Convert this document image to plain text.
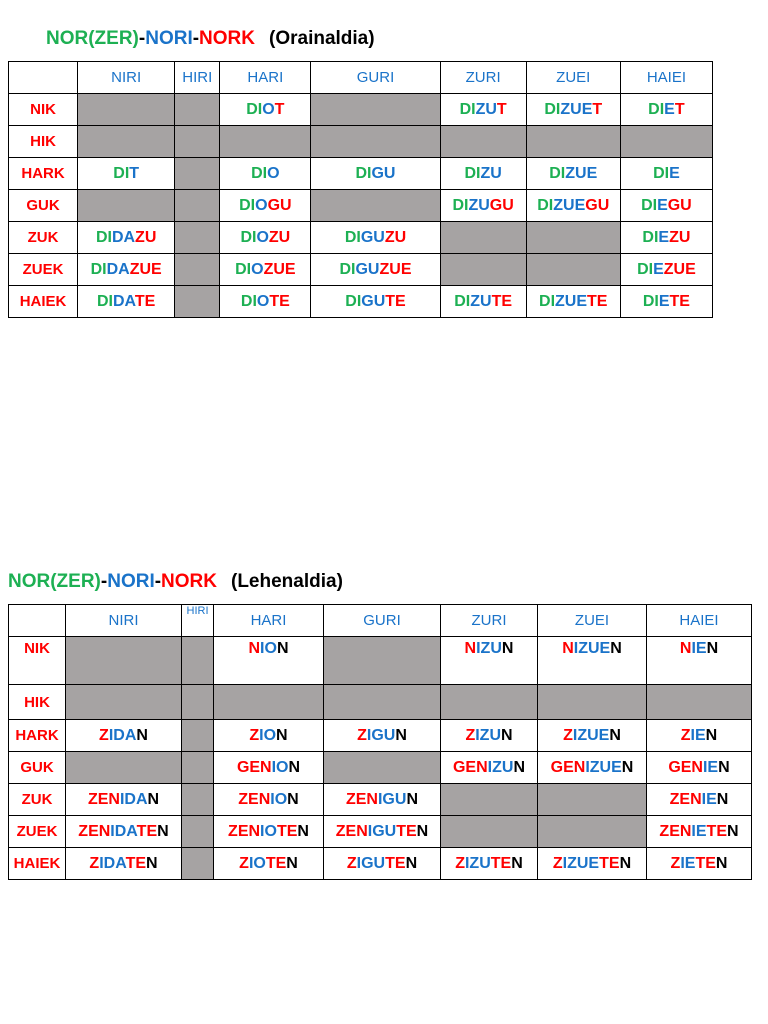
NOR(ZER)-NORI-NORK (Orainaldia)
	NIRI	HIRI	HARI	GURI	ZURI	ZUEI	HAIEI
NIK			DIOT		DIZUT	DIZUET	DIET
HIK							
HARK	DIT		DIO	DIGU	DIZU	DIZUE	DIE
GUK			DIOGU		DIZUGU	DIZUEGU	DIEGU
ZUK	DIDAZU		DIOZU	DIGUZU			DIEZU
ZUEK	DIDAZUE		DIOZUE	DIGUZUE			DIEZUE
HAIEK	DIDATE		DIOTE	DIGUTE	DIZUTE	DIZUETE	DIETE
NOR(ZER)-NORI-NORK (Lehenaldia)
	NIRI	HIRI	HARI	GURI	ZURI	ZUEI	HAIEI
NIK			NION		NIZUN	NIZUEN	NIEN
HIK							
HARK	ZIDAN		ZION	ZIGUN	ZIZUN	ZIZUEN	ZIEN
GUK			GENION		GENIZUN	GENIZUEN	GENIEN
ZUK	ZENIDAN		ZENION	ZENIGUN			ZENIEN
ZUEK	ZENIDATEN		ZENIOTEN	ZENIGUTEN			ZENIETEN
HAIEK	ZIDATEN		ZIOTEN	ZIGUTEN	ZIZUTEN	ZIZUETEN	ZIETEN
